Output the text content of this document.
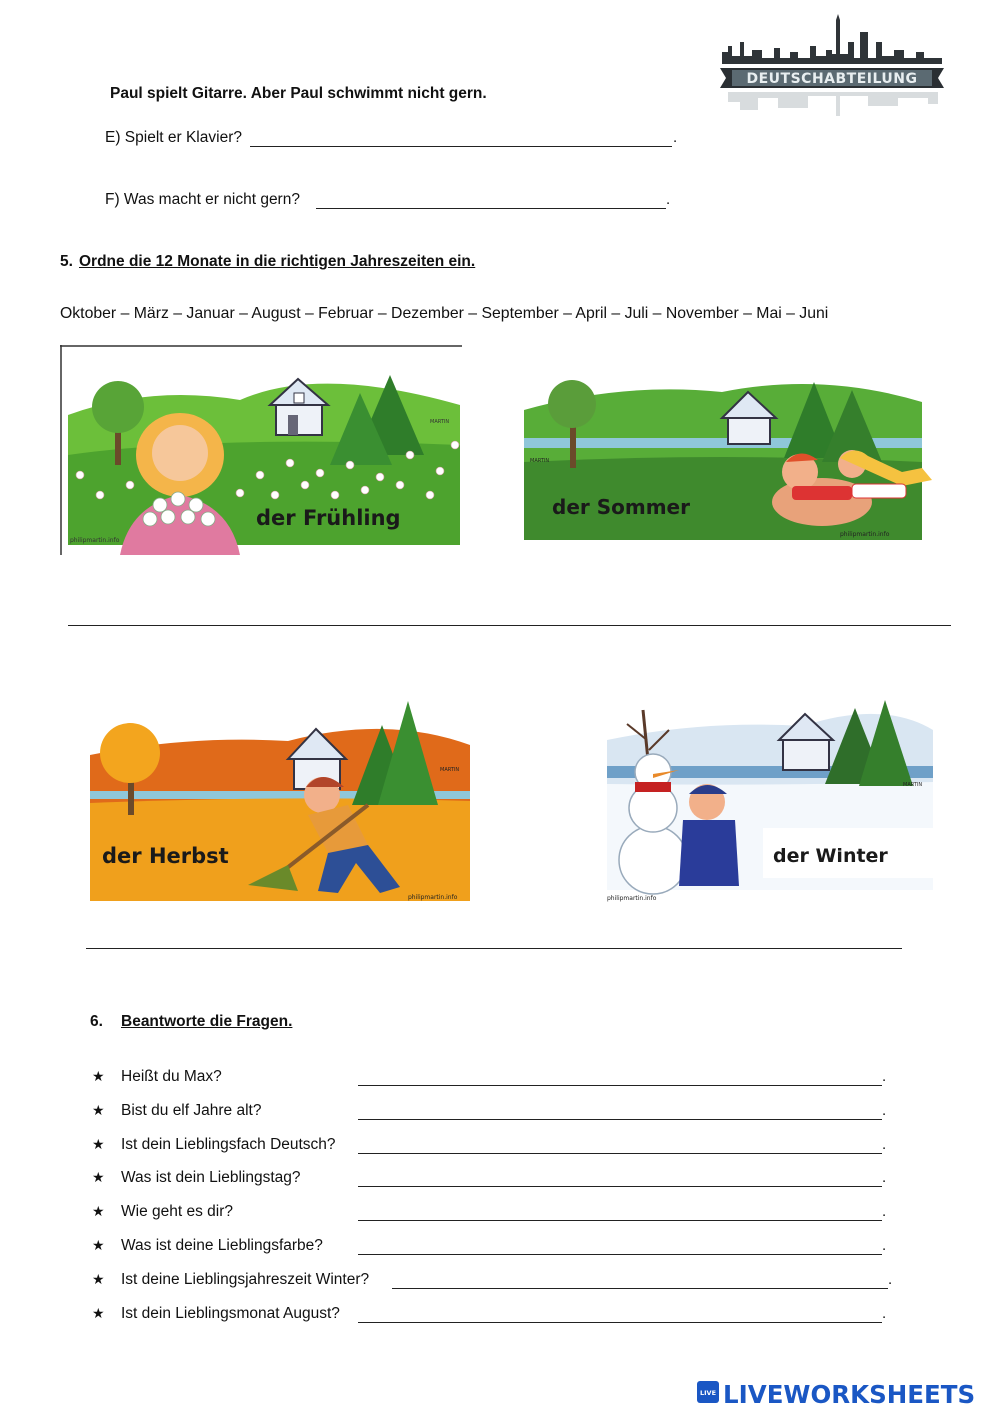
DEUTSCHABTEILUNG
Paul spielt Gitarre. Aber Paul schwimmt nicht gern.
E) Spielt er Klavier?	.
F) Was macht er nicht gern?	.
5. Ordne die 12 Monate in die richtigen Jahreszeiten ein.
Oktober – März – Januar – August – Februar – Dezember – September – April – Juli – November – Mai – Juni
der Frühling
philipmartin.info
MARTIN
der Sommer
philipmartin.info
MARTIN
der Herbst
philipmartin.info
MARTIN
der Winter
philipmartin.info
MARTIN
6. Beantworte die Fragen.
★ Heißt du Max?	.
★ Bist du elf Jahre alt?	.
★ Ist dein Lieblingsfach Deutsch?	.
★ Was ist dein Lieblingstag?	.
★ Wie geht es dir?	.
★ Was ist deine Lieblingsfarbe?	.
★ Ist deine Lieblingsjahreszeit Winter?	.
★ Ist dein Lieblingsmonat August?	.
LIVE LIVEWORKSHEETS
